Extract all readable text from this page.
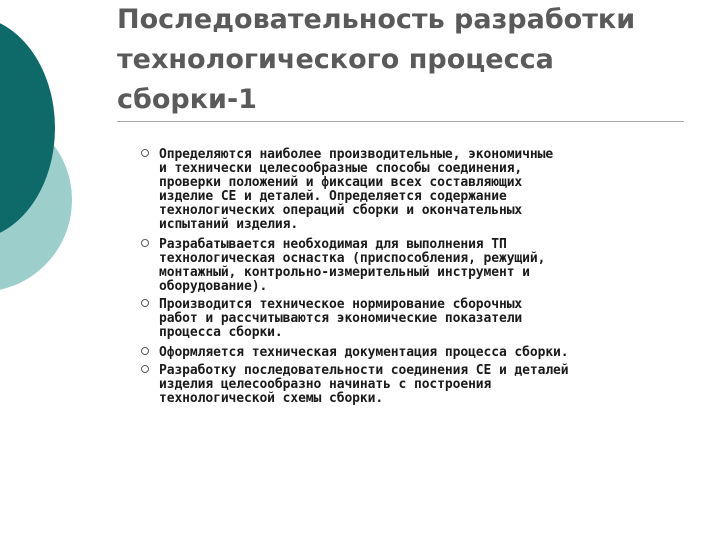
Последовательность разработки
технологического процесса
сборки-1
Определяются наиболее производительные, экономичные
и технически целесообразные способы соединения,
проверки положений и фиксации всех составляющих
изделие СЕ и деталей. Определяется содержание
технологических операций сборки и окончательных
испытаний изделия.
Разрабатывается необходимая для выполнения ТП
технологическая оснастка (приспособления, режущий,
монтажный, контрольно-измерительный инструмент и
оборудование).
Производится техническое нормирование сборочных
работ и рассчитываются экономические показатели
процесса сборки.
Оформляется техническая документация процесса сборки.
Разработку последовательности соединения СЕ и деталей
изделия целесообразно начинать с построения
технологической схемы сборки.
